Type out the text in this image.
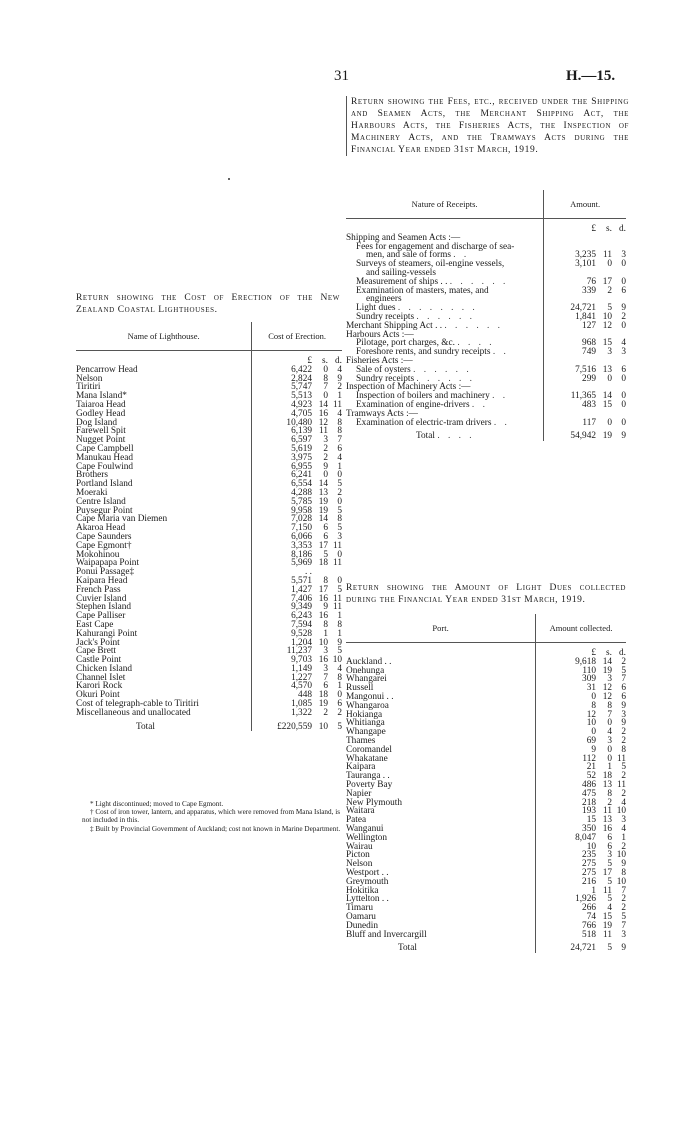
31	H.—15.
Return showing the Fees, etc., received under the Shipping and Seamen Acts, the Merchant Shipping Act, the Harbours Acts, the Fisheries Acts, the Inspection of Machinery Acts, and the Tramways Acts during the Financial Year ended 31st March, 1919.
Nature of Receipts.	Amount.
	£ s. d.
Shipping and Seamen Acts :—	
Fees for engagement and discharge of sea-	
men, and sale of forms . .	3,235 11 3
Surveys of steamers, oil-engine vessels,	3,101 0 0
and sailing-vessels	
Measurement of ships . . . . . . . .	76 17 0
Examination of masters, mates, and	339 2 6
engineers	
Light dues . . . . . . . .	24,721 5 9
Sundry receipts . . . . . .	1,841 10 2
Merchant Shipping Act . . . . . . . .	127 12 0
Harbours Acts :—	
Pilotage, port charges, &c. . . . .	968 15 4
Foreshore rents, and sundry receipts . .	749 3 3
Fisheries Acts :—	
Sale of oysters . . . . . .	7,516 13 6
Sundry receipts . . . . . .	299 0 0
Inspection of Machinery Acts :—	
Inspection of boilers and machinery . .	11,365 14 0
Examination of engine-drivers . .	483 15 0
Tramways Acts :—	
Examination of electric-tram drivers . .	117 0 0
Total . . . .	54,942 19 9
Return showing the Cost of Erection of the New Zealand Coastal Lighthouses.
Name of Lighthouse.	Cost of Erection.
	£ s. d.
Pencarrow Head	6,422 0 4
Nelson	2,824 8 9
Tiritiri	5,747 7 2
Mana Island*	5,513 0 1
Taiaroa Head	4,923 14 11
Godley Head	4,705 16 4
Dog Island	10,480 12 8
Farewell Spit	6,139 11 8
Nugget Point	6,597 3 7
Cape Campbell	5,619 2 6
Manukau Head	3,975 2 4
Cape Foulwind	6,955 9 1
Brothers	6,241 0 0
Portland Island	6,554 14 5
Moeraki	4,288 13 2
Centre Island	5,785 19 0
Puysegur Point	9,958 19 5
Cape Maria van Diemen	7,028 14 8
Akaroa Head	7,150 6 5
Cape Saunders	6,066 6 3
Cape Egmont†	3,353 17 11
Mokohinou	8,186 5 0
Waipapapa Point	5,969 18 11
Ponui Passage‡	. .
Kaipara Head	5,571 8 0
French Pass	1,427 17 5
Cuvier Island	7,406 16 11
Stephen Island	9,349 9 11
Cape Palliser	6,243 16 1
East Cape	7,594 8 8
Kahurangi Point	9,528 1 1
Jack's Point	1,204 10 9
Cape Brett	11,237 3 5
Castle Point	9,703 16 10
Chicken Island	1,149 3 4
Channel Islet	1,227 7 8
Karori Rock	4,570 6 1
Okuri Point	448 18 0
Cost of telegraph-cable to Tiritiri	1,085 19 6
Miscellaneous and unallocated	1,322 2 2
Total	£220,559 10 5
* Light discontinued; moved to Cape Egmont.
† Cost of iron tower, lantern, and apparatus, which were removed from Mana Island, is not included in this.
‡ Built by Provincial Government of Auckland; cost not known in Marine Department.
Return showing the Amount of Light Dues collected during the Financial Year ended 31st March, 1919.
Port.	Amount collected.
	£ s. d.
Auckland . .	9,618 14 2
Onehunga	110 19 5
Whangarei	309 3 7
Russell	31 12 6
Mangonui . .	0 12 6
Whangaroa	8 8 9
Hokianga	12 7 3
Whitianga	10 0 9
Whangape	0 4 2
Thames	69 3 2
Coromandel	9 0 8
Whakatane	112 0 11
Kaipara	21 1 5
Tauranga . .	52 18 2
Poverty Bay	486 13 11
Napier	475 8 2
New Plymouth	218 2 4
Waitara	193 11 10
Patea	15 13 3
Wanganui	350 16 4
Wellington	8,047 6 1
Wairau	10 6 2
Picton	235 3 10
Nelson	275 5 9
Westport . .	275 17 8
Greymouth	216 5 10
Hokitika	1 11 7
Lyttelton . .	1,926 5 2
Timaru	266 4 2
Oamaru	74 15 5
Dunedin	766 19 7
Bluff and Invercargill	518 11 3
Total	24,721 5 9
